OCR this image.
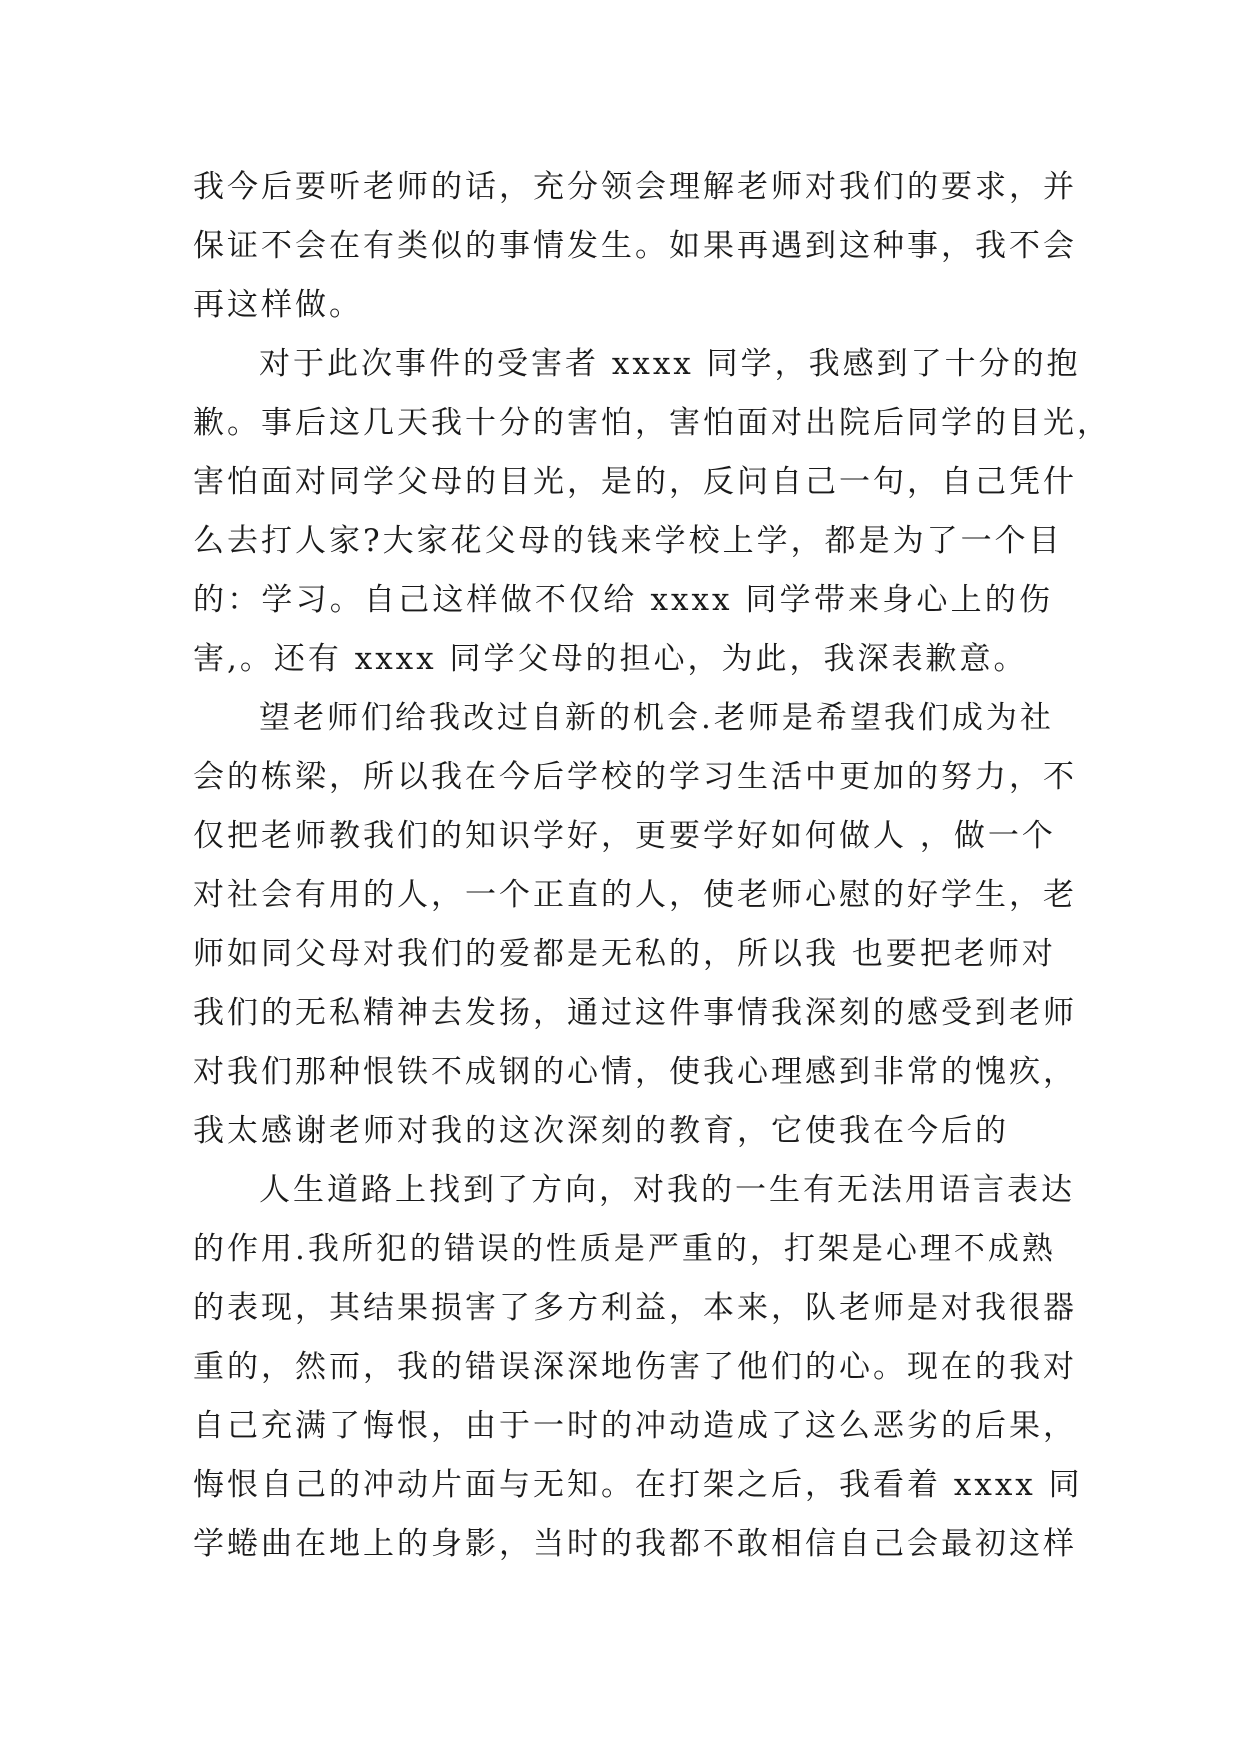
我今后要听老师的话，充分领会理解老师对我们的要求，并
保证不会在有类似的事情发生。如果再遇到这种事，我不会
再这样做。
对于此次事件的受害者 xxxx 同学，我感到了十分的抱
歉。事后这几天我十分的害怕，害怕面对出院后同学的目光，
害怕面对同学父母的目光，是的，反问自己一句，自己凭什
么去打人家?大家花父母的钱来学校上学，都是为了一个目
的：学习。自己这样做不仅给 xxxx 同学带来身心上的伤
害,。还有 xxxx 同学父母的担心，为此，我深表歉意。
望老师们给我改过自新的机会.老师是希望我们成为社
会的栋梁，所以我在今后学校的学习生活中更加的努力，不
仅把老师教我们的知识学好，更要学好如何做人 ，做一个
对社会有用的人，一个正直的人，使老师心慰的好学生，老
师如同父母对我们的爱都是无私的，所以我 也要把老师对
我们的无私精神去发扬，通过这件事情我深刻的感受到老师
对我们那种恨铁不成钢的心情，使我心理感到非常的愧疚，
我太感谢老师对我的这次深刻的教育，它使我在今后的
人生道路上找到了方向，对我的一生有无法用语言表达
的作用.我所犯的错误的性质是严重的，打架是心理不成熟
的表现，其结果损害了多方利益，本来，队老师是对我很器
重的，然而，我的错误深深地伤害了他们的心。现在的我对
自己充满了悔恨，由于一时的冲动造成了这么恶劣的后果，
悔恨自己的冲动片面与无知。在打架之后，我看着 xxxx 同
学蜷曲在地上的身影，当时的我都不敢相信自己会最初这样
